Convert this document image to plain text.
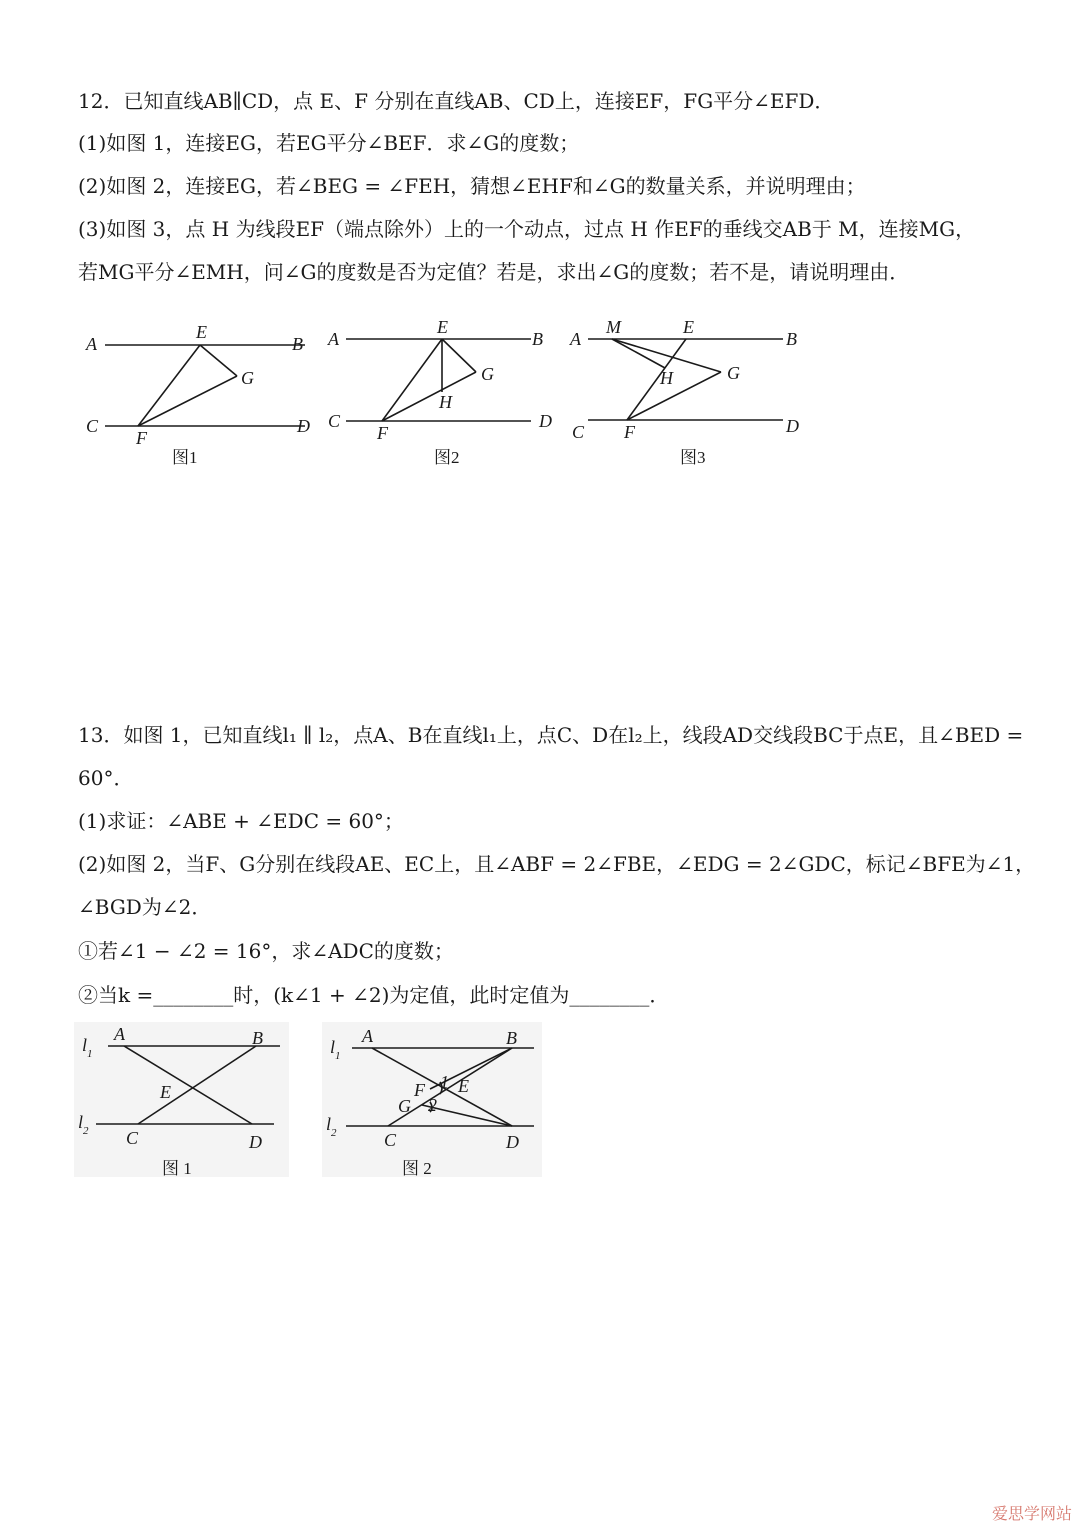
12．已知直线AB∥CD，点 E、F 分别在直线AB、CD上，连接EF，FG平分∠EFD．
(1)如图 1，连接EG，若EG平分∠BEF．求∠G的度数；
(2)如图 2，连接EG，若∠BEG = ∠FEH，猜想∠EHF和∠G的数量关系，并说明理由；
(3)如图 3，点 H 为线段EF（端点除外）上的一个动点，过点 H 作EF的垂线交AB于 M，连接MG，
若MG平分∠EMH，问∠G的度数是否为定值？若是，求出∠G的度数；若不是，请说明理由．
A	B
C	D
E
F
G
图1
A	B
C	D
E
F
G
H
图2
A	B
C	D
M	E
F
G
H
图3
13．如图 1，已知直线l₁ ∥ l₂，点A、B在直线l₁上，点C、D在l₂上，线段AD交线段BC于点E，且∠BED =
60°．
(1)求证：∠ABE + ∠EDC = 60°；
(2)如图 2，当F、G分别在线段AE、EC上，且∠ABF = 2∠FBE，∠EDG = 2∠GDC，标记∠BFE为∠1，
∠BGD为∠2．
①若∠1 − ∠2 = 16°，求∠ADC的度数；
②当k =________时，(k∠1 + ∠2)为定值，此时定值为________．
$l_1$
$l_2$
A	B
C	D
E
图 1
$l_1$
$l_2$
A	B
C	D
E
F
G
1
2
图 2
爱思学网站
